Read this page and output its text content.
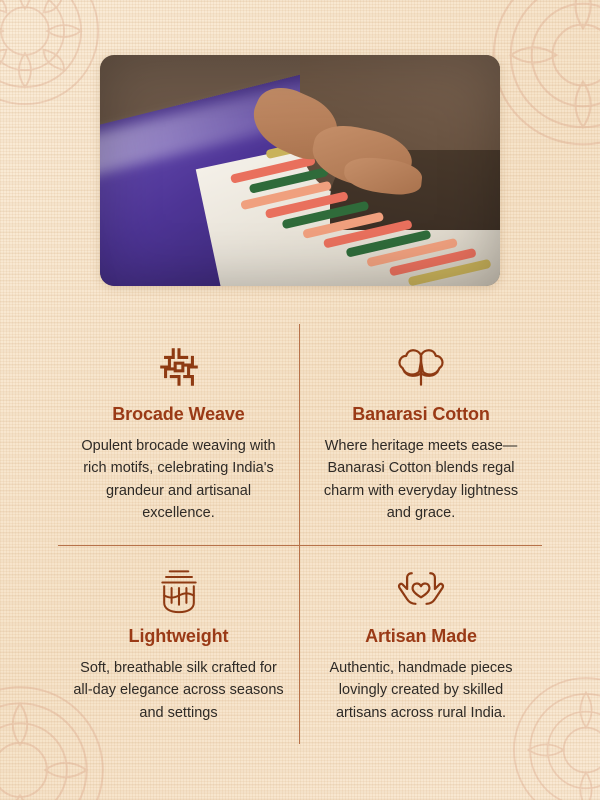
Brocade Weave

Opulent brocade weaving with rich motifs, celebrating India's grandeur and artisanal excellence.

Banarasi Cotton

Where heritage meets ease—Banarasi Cotton blends regal charm with everyday lightness and grace.

Lightweight

Soft, breathable silk crafted for all-day elegance across seasons and settings

Artisan Made

Authentic, handmade pieces lovingly created by skilled artisans across rural India.
